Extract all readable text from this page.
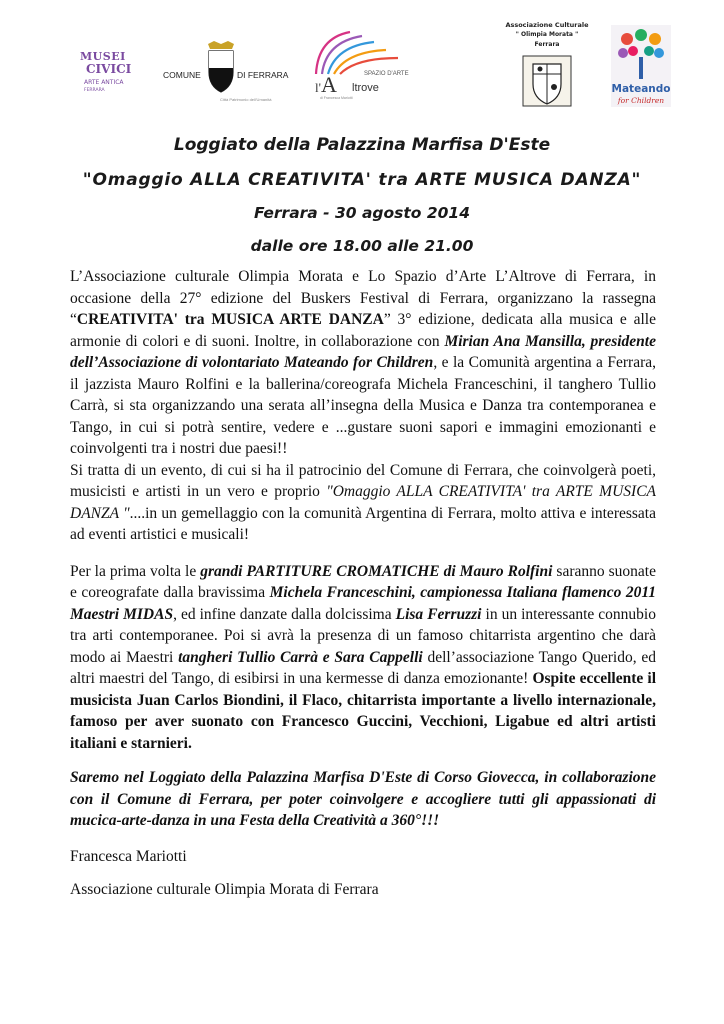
MUSEI
CIVICI
ARTE ANTICA
FERRARA
COMUNE	DI FERRARA
Città Patrimonio dell'Umanità
l'A	SPAZIO D'ARTE
ltrove
di Francesca Mariotti
Associazione Culturale
" Olimpia Morata "
Ferrara
Mateando
for Children
Loggiato della Palazzina Marfisa D'Este
"Omaggio ALLA CREATIVITA' tra ARTE MUSICA DANZA"
Ferrara - 30 agosto 2014
dalle ore 18.00 alle 21.00

L’Associazione culturale Olimpia Morata e Lo Spazio d’Arte L’Altrove di Ferrara, in occasione della 27° edizione del Buskers Festival di Ferrara, organizzano la rassegna “CREATIVITA' tra MUSICA ARTE DANZA” 3° edizione, dedicata alla musica e alle armonie di colori e di suoni. Inoltre, in collaborazione con Mirian Ana Mansilla, presidente dell’Associazione di volontariato Mateando for Children, e la Comunità argentina a Ferrara, il jazzista Mauro Rolfini e la ballerina/coreografa Michela Franceschini, il tanghero Tullio Carrà, si sta organizzando una serata all’insegna della Musica e Danza tra contemporanea e Tango, in cui si potrà sentire, vedere e ...gustare suoni sapori e immagini emozionanti e coinvolgenti tra i nostri due paesi!!

Si tratta di un evento, di cui si ha il patrocinio del Comune di Ferrara, che coinvolgerà poeti, musicisti e artisti in un vero e proprio "Omaggio ALLA CREATIVITA' tra ARTE MUSICA DANZA "....in un gemellaggio con la comunità Argentina di Ferrara, molto attiva e interessata ad eventi artistici e musicali!

Per la prima volta le grandi PARTITURE CROMATICHE di Mauro Rolfini saranno suonate e coreografate dalla bravissima Michela Franceschini, campionessa Italiana flamenco 2011 Maestri MIDAS, ed infine danzate dalla dolcissima Lisa Ferruzzi in un interessante connubio tra arti contemporanee. Poi si avrà la presenza di un famoso chitarrista argentino che darà modo ai Maestri tangheri Tullio Carrà e Sara Cappelli dell’associazione Tango Querido, ed altri maestri del Tango, di esibirsi in una kermesse di danza emozionante! Ospite eccellente il musicista Juan Carlos Biondini, il Flaco, chitarrista importante a livello internazionale, famoso per aver suonato con Francesco Guccini, Vecchioni, Ligabue ed altri artisti italiani e starnieri.

Saremo nel Loggiato della Palazzina Marfisa D'Este di Corso Giovecca, in collaborazione con il Comune di Ferrara, per poter coinvolgere e accogliere tutti gli appassionati di mucica-arte-danza in una Festa della Creatività a 360°!!!

Francesca Mariotti

Associazione culturale Olimpia Morata di Ferrara
